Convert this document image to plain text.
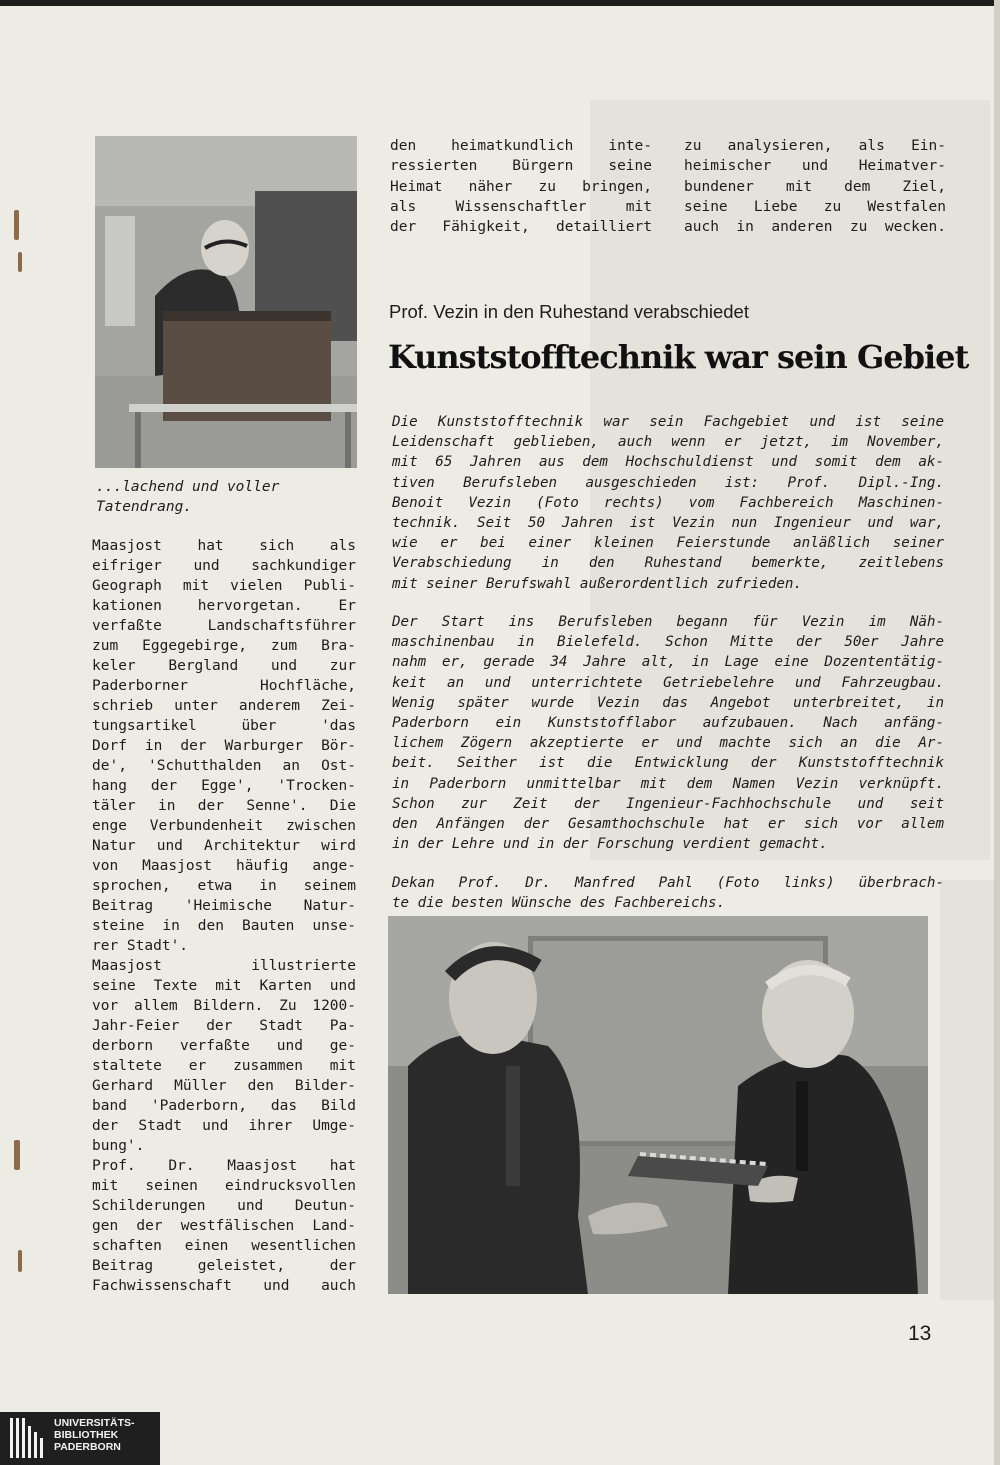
...lachend und voller
Tatendrang.
Maasjost hat sich als
eifriger und sachkundiger
Geograph mit vielen Publi-
kationen hervorgetan. Er
verfaßte Landschaftsführer
zum Eggegebirge, zum Bra-
keler Bergland und zur
Paderborner Hochfläche,
schrieb unter anderem Zei-
tungsartikel über 'das
Dorf in der Warburger Bör-
de', 'Schutthalden an Ost-
hang der Egge', 'Trocken-
täler in der Senne'. Die
enge Verbundenheit zwischen
Natur und Architektur wird
von Maasjost häufig ange-
sprochen, etwa in seinem
Beitrag 'Heimische Natur-
steine in den Bauten unse-
rer Stadt'.
Maasjost illustrierte
seine Texte mit Karten und
vor allem Bildern. Zu 1200-
Jahr-Feier der Stadt Pa-
derborn verfaßte und ge-
staltete er zusammen mit
Gerhard Müller den Bilder-
band 'Paderborn, das Bild
der Stadt und ihrer Umge-
bung'.
Prof. Dr. Maasjost hat
mit seinen eindrucksvollen
Schilderungen und Deutun-
gen der westfälischen Land-
schaften einen wesentlichen
Beitrag geleistet, der
Fachwissenschaft und auch
den heimatkundlich inte-
ressierten Bürgern seine
Heimat näher zu bringen,
als Wissenschaftler mit
der Fähigkeit, detailliert
zu analysieren, als Ein-
heimischer und Heimatver-
bundener mit dem Ziel,
seine Liebe zu Westfalen
auch in anderen zu wecken.
Prof. Vezin in den Ruhestand verabschiedet
Kunststofftechnik war sein Gebiet
Die Kunststofftechnik war sein Fachgebiet und ist seine
Leidenschaft geblieben, auch wenn er jetzt, im November,
mit 65 Jahren aus dem Hochschuldienst und somit dem ak-
tiven Berufsleben ausgeschieden ist: Prof. Dipl.-Ing.
Benoit Vezin (Foto rechts) vom Fachbereich Maschinen-
technik. Seit 50 Jahren ist Vezin nun Ingenieur und war,
wie er bei einer kleinen Feierstunde anläßlich seiner
Verabschiedung in den Ruhestand bemerkte, zeitlebens
mit seiner Berufswahl außerordentlich zufrieden.
Der Start ins Berufsleben begann für Vezin im Näh-
maschinenbau in Bielefeld. Schon Mitte der 50er Jahre
nahm er, gerade 34 Jahre alt, in Lage eine Dozententätig-
keit an und unterrichtete Getriebelehre und Fahrzeugbau.
Wenig später wurde Vezin das Angebot unterbreitet, in
Paderborn ein Kunststofflabor aufzubauen. Nach anfäng-
lichem Zögern akzeptierte er und machte sich an die Ar-
beit. Seither ist die Entwicklung der Kunststofftechnik
in Paderborn unmittelbar mit dem Namen Vezin verknüpft.
Schon zur Zeit der Ingenieur-Fachhochschule und seit
den Anfängen der Gesamthochschule hat er sich vor allem
in der Lehre und in der Forschung verdient gemacht.
Dekan Prof. Dr. Manfred Pahl (Foto links) überbrach-
te die besten Wünsche des Fachbereichs.
13
UNIVERSITÄTS-
BIBLIOTHEK
PADERBORN
